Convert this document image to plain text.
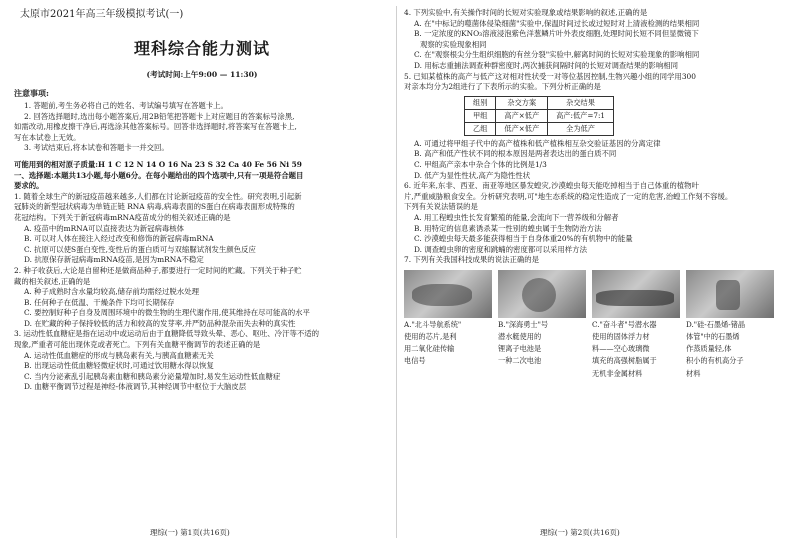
太原市2021年高三年级模拟考试(一)

理科综合能力测试

(考试时间:上午9:00 — 11:30)

注意事项:

1. 答题前,考生务必将自己的姓名、考试编号填写在答题卡上。

2. 回答选择题时,选出每小题答案后,用2B铅笔把答题卡上对应题目的答案标号涂黑,

如需改动,用橡皮擦干净后,再选涂其他答案标号。回答非选择题时,将答案写在答题卡上,

写在本试卷上无效。

3. 考试结束后,将本试卷和答题卡一并交回。

可能用到的相对原子质量:H 1 C 12 N 14 O 16 Na 23 S 32 Ca 40 Fe 56 Ni 59

一、选择题:本题共13小题,每小题6分。在每小题给出的四个选项中,只有一项是符合题目

要求的。

1. 随着全球生产的新冠疫苗越来越多,人们都在讨论新冠疫苗的安全性。研究表明,引起新

冠肺炎的新型冠状病毒为单链正链 RNA 病毒,病毒表面的S蛋白在病毒表面形成特殊的

花冠结构。下列关于新冠病毒mRNA疫苗成分的相关叙述正确的是

A. 疫苗中的mRNA可以直接表达为新冠病毒核体

B. 可以对人体在接注入经过改变和修饰的新冠病毒mRNA

C. 抗原可以使S蛋白变性,变性后的蛋白质可与双缩脲试剂发生颜色反应

D. 抗原保存新冠病毒mRNA疫苗,是因为mRNA不稳定

2. 种子收获后,大论是自留种还是做商品种子,都要进行一定时间的贮藏。下列关于种子贮

藏的相关叙述,正确的是

A. 种子成熟时含水量均较高,储存前均需经过脱水处理

B. 任何种子在低温、干燥条件下均可长期保存

C. 要控制好种子自身及周围环境中的微生物的生理代谢作用,使其维持在尽可能高的水平

D. 在贮藏的种子保持较低的活力和较高的发芽率,并严防品种混杂而失去种的真实性

3. 运动性低血糖症是指在运动中或运动后由于血糖降低导致头晕、恶心、呕吐、冷汗等不适的

现象,严重者可能出现休克或者死亡。下列有关血糖平衡调节的表述正确的是

A. 运动性低血糖症的形成与胰岛素有关,与胰高血糖素无关

B. 出现运动性低血糖轻微症状时,可通过饮用糖水得以恢复

C. 当内分泌紊乱引起胰岛素血糖和胰岛素分泌量增加时,易发生运动性低血糖症

D. 血糖平衡调节过程是神经-体液调节,其神经调节中枢位于大脑皮层

4. 下列实验中,有关操作时间的长短对实验现象或结果影响的叙述,正确的是

A. 在"中标记的噬菌体侵染细菌"实验中,保温时间过长或过短时对上清液检测的结果相同

B. 一定浓度的KNO₃溶液浸泡紫色洋葱鳞片叶外表皮细胞,处理时间长短不同但显微镜下

观察的实验现象相同

C. 在"观察根尖分生组织细胞的有丝分裂"实验中,解离时间的长短对实验现象的影响相同

D. 用标志重捕法调查种群密度时,两次捕获间隔时间的长短对调查结果的影响相同

5. 已知某植株的高产与低产这对相对性状受一对等位基因控制,生物兴趣小组的同学用300

对亲本均分为2组进行了下表所示的实验。下列分析正确的是

组别	杂交方案	杂交结果
甲组	高产×低产	高产:低产=7:1
乙组	低产×低产	全为低产

A. 可通过将甲组子代中的高产植株和低产植株相互杂交验证基因的分离定律

B. 高产和低产性状不同的根本原因是两者表达出的蛋白质不同

C. 甲组高产亲本中杂合个体的比例是1/3

D. 低产为显性性状,高产为隐性性状

6. 近年来,东非、西亚、南亚等地区暴发蝗灾,沙漠蝗虫每天能吃掉相当于自己体重的植物叶

片,严重威胁粮食安全。分析研究表明,可"地生态系统的稳定性造成了一定的危害,治蝗工作刻不容缓。

下列有关说法错误的是

A. 用工程蝗虫性长发育繁殖的能量,会流向下一营养级和分解者

B. 用特定的信息素诱杀某一性别的蝗虫属于生物防治方法

C. 沙漠蝗虫每天最多能获得相当于自身体重20%的有机物中的能量

D. 调查蝗虫卵的密度和跳蝻的密度都可以采用样方法

7. 下列有关我国科技成果的说法正确的是

A."北斗导航系统"

使用的芯片,是利

用二氧化硅传输

电信号

B."深海勇士"号

潜水艇使用的

锂离子电池是

一种二次电池

C."奋斗者"号潜水器

使用的固体浮力材

料——空心玻璃微

填充的高强树脂属于

无机非金属材料

D."硅-石墨烯-锗晶

体管"中的石墨烯

作蒸质量轻,体

积小的有机高分子

材料

理综(一) 第1页(共16页)	理综(一) 第2页(共16页)
